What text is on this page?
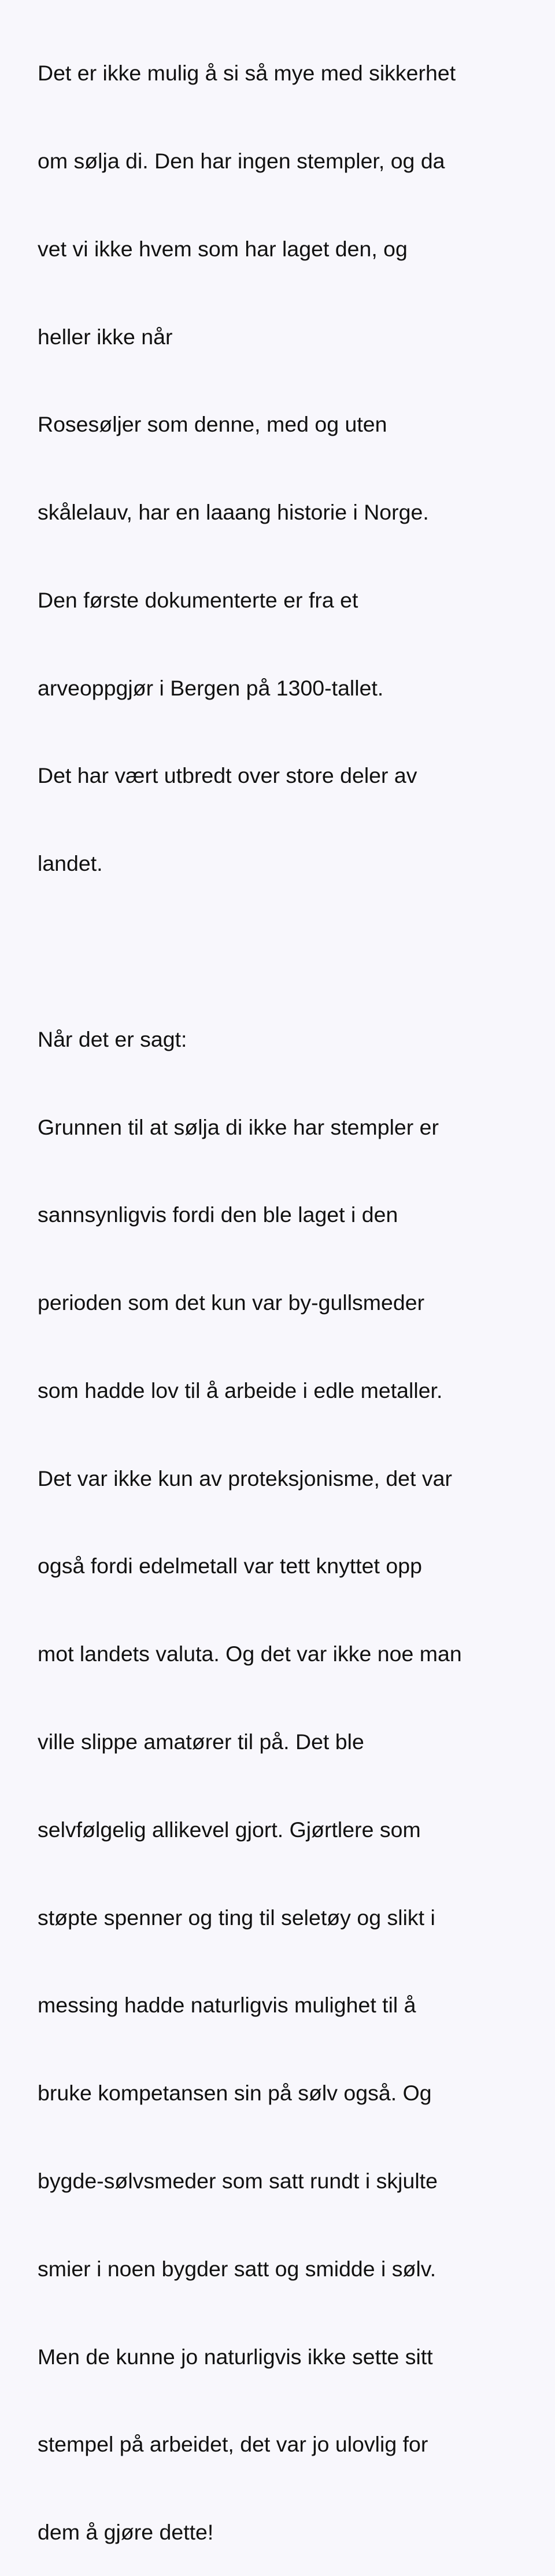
Det er ikke mulig å si så mye med sikkerhet

om sølja di. Den har ingen stempler, og da

vet vi ikke hvem som har laget den, og

heller ikke når

Rosesøljer som denne, med og uten

skålelauv, har en laaang historie i Norge.

Den første dokumenterte er fra et

arveoppgjør i Bergen på 1300-tallet.

Det har vært utbredt over store deler av

landet.

Når det er sagt:

Grunnen til at sølja di ikke har stempler er

sannsynligvis fordi den ble laget i den

perioden som det kun var by-gullsmeder

som hadde lov til å arbeide i edle metaller.

Det var ikke kun av proteksjonisme, det var

også fordi edelmetall var tett knyttet opp

mot landets valuta. Og det var ikke noe man

ville slippe amatører til på. Det ble

selvfølgelig allikevel gjort. Gjørtlere som

støpte spenner og ting til seletøy og slikt i

messing hadde naturligvis mulighet til å

bruke kompetansen sin på sølv også. Og

bygde-sølvsmeder som satt rundt i skjulte

smier i noen bygder satt og smidde i sølv.

Men de kunne jo naturligvis ikke sette sitt

stempel på arbeidet, det var jo ulovlig for

dem å gjøre dette!
